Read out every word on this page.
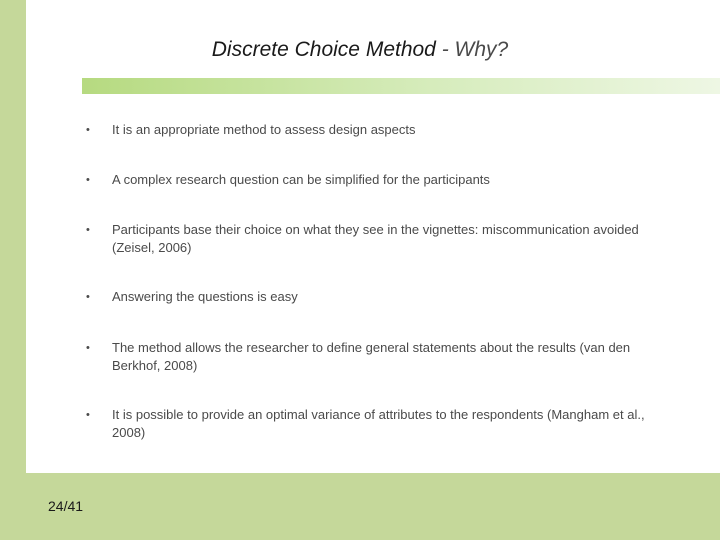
Discrete Choice Method - Why?
• It is an appropriate method to assess design aspects
• A complex research question can be simplified for the participants
• Participants base their choice on what they see in the vignettes: miscommunication avoided (Zeisel, 2006)
• Answering the questions is easy
• The method allows the researcher to define general statements about the results (van den Berkhof, 2008)
• It is possible to provide an optimal variance of attributes to the respondents (Mangham et al., 2008)
24/41
